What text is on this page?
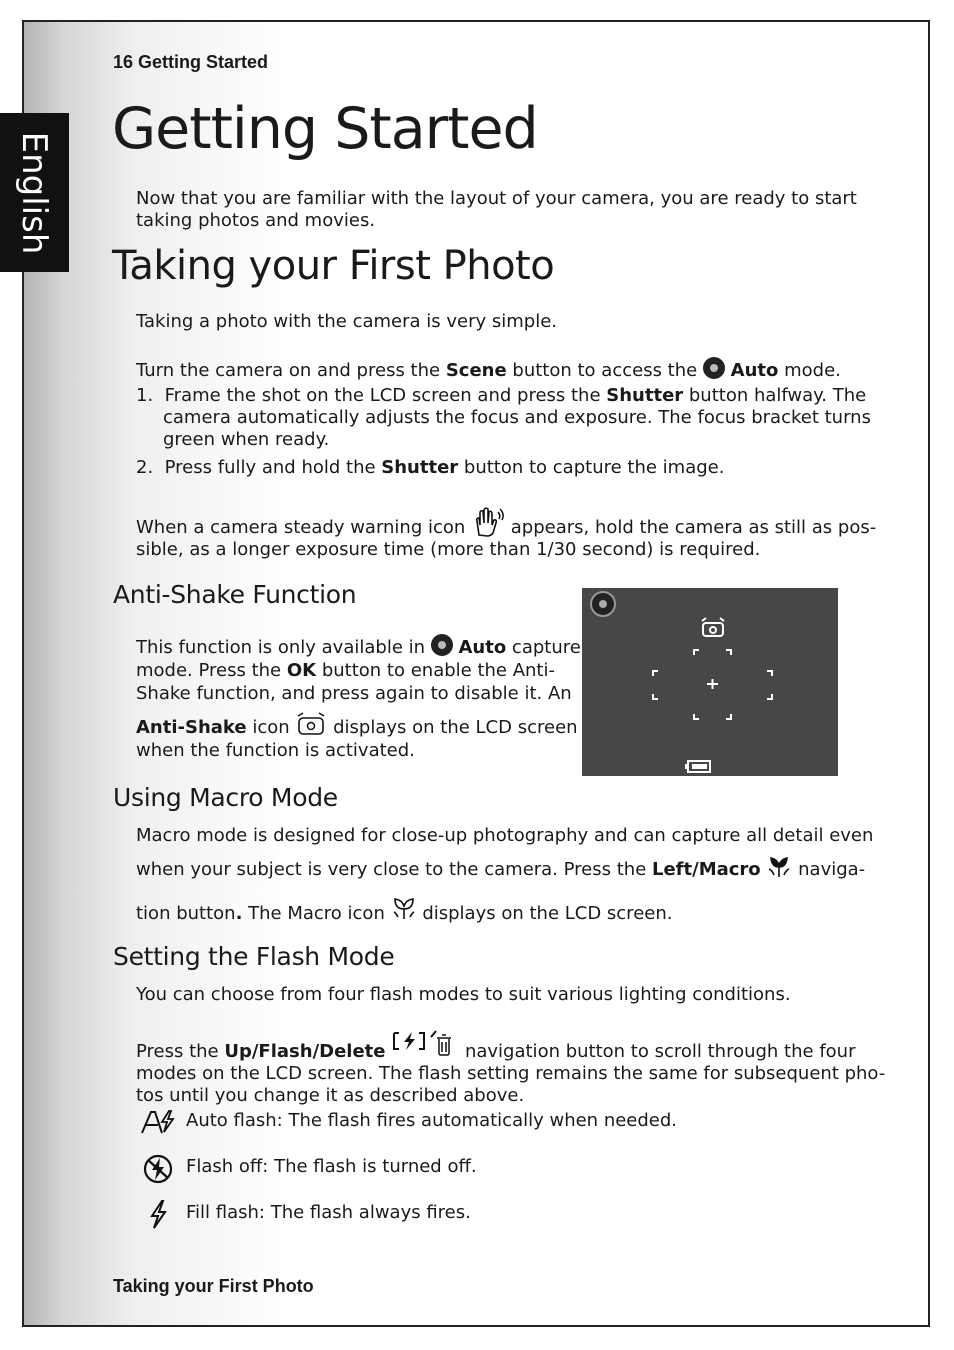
English
16 Getting Started
Getting Started
Now that you are familiar with the layout of your camera, you are ready to start
taking photos and movies.
Taking your First Photo
Taking a photo with the camera is very simple.
Turn the camera on and press the Scene button to access the  Auto mode.
1. Frame the shot on the LCD screen and press the Shutter button halfway. The
camera automatically adjusts the focus and exposure. The focus bracket turns
green when ready.
2. Press fully and hold the Shutter button to capture the image.
When a camera steady warning icon  appears, hold the camera as still as pos-
sible, as a longer exposure time (more than 1/30 second) is required.
Anti-Shake Function
This function is only available in  Auto capture
mode. Press the OK button to enable the Anti-
Shake function, and press again to disable it. An
Anti-Shake icon  displays on the LCD screen
when the function is activated.
Using Macro Mode
Macro mode is designed for close-up photography and can capture all detail even
when your subject is very close to the camera. Press the Left/Macro  naviga-
tion button. The Macro icon  displays on the LCD screen.
Setting the Flash Mode
You can choose from four flash modes to suit various lighting conditions.
Press the Up/Flash/Delete	navigation button to scroll through the four
modes on the LCD screen. The flash setting remains the same for subsequent pho-
tos until you change it as described above.
Auto flash: The flash fires automatically when needed.
Flash off: The flash is turned off.
Fill flash: The flash always fires.
Taking your First Photo
